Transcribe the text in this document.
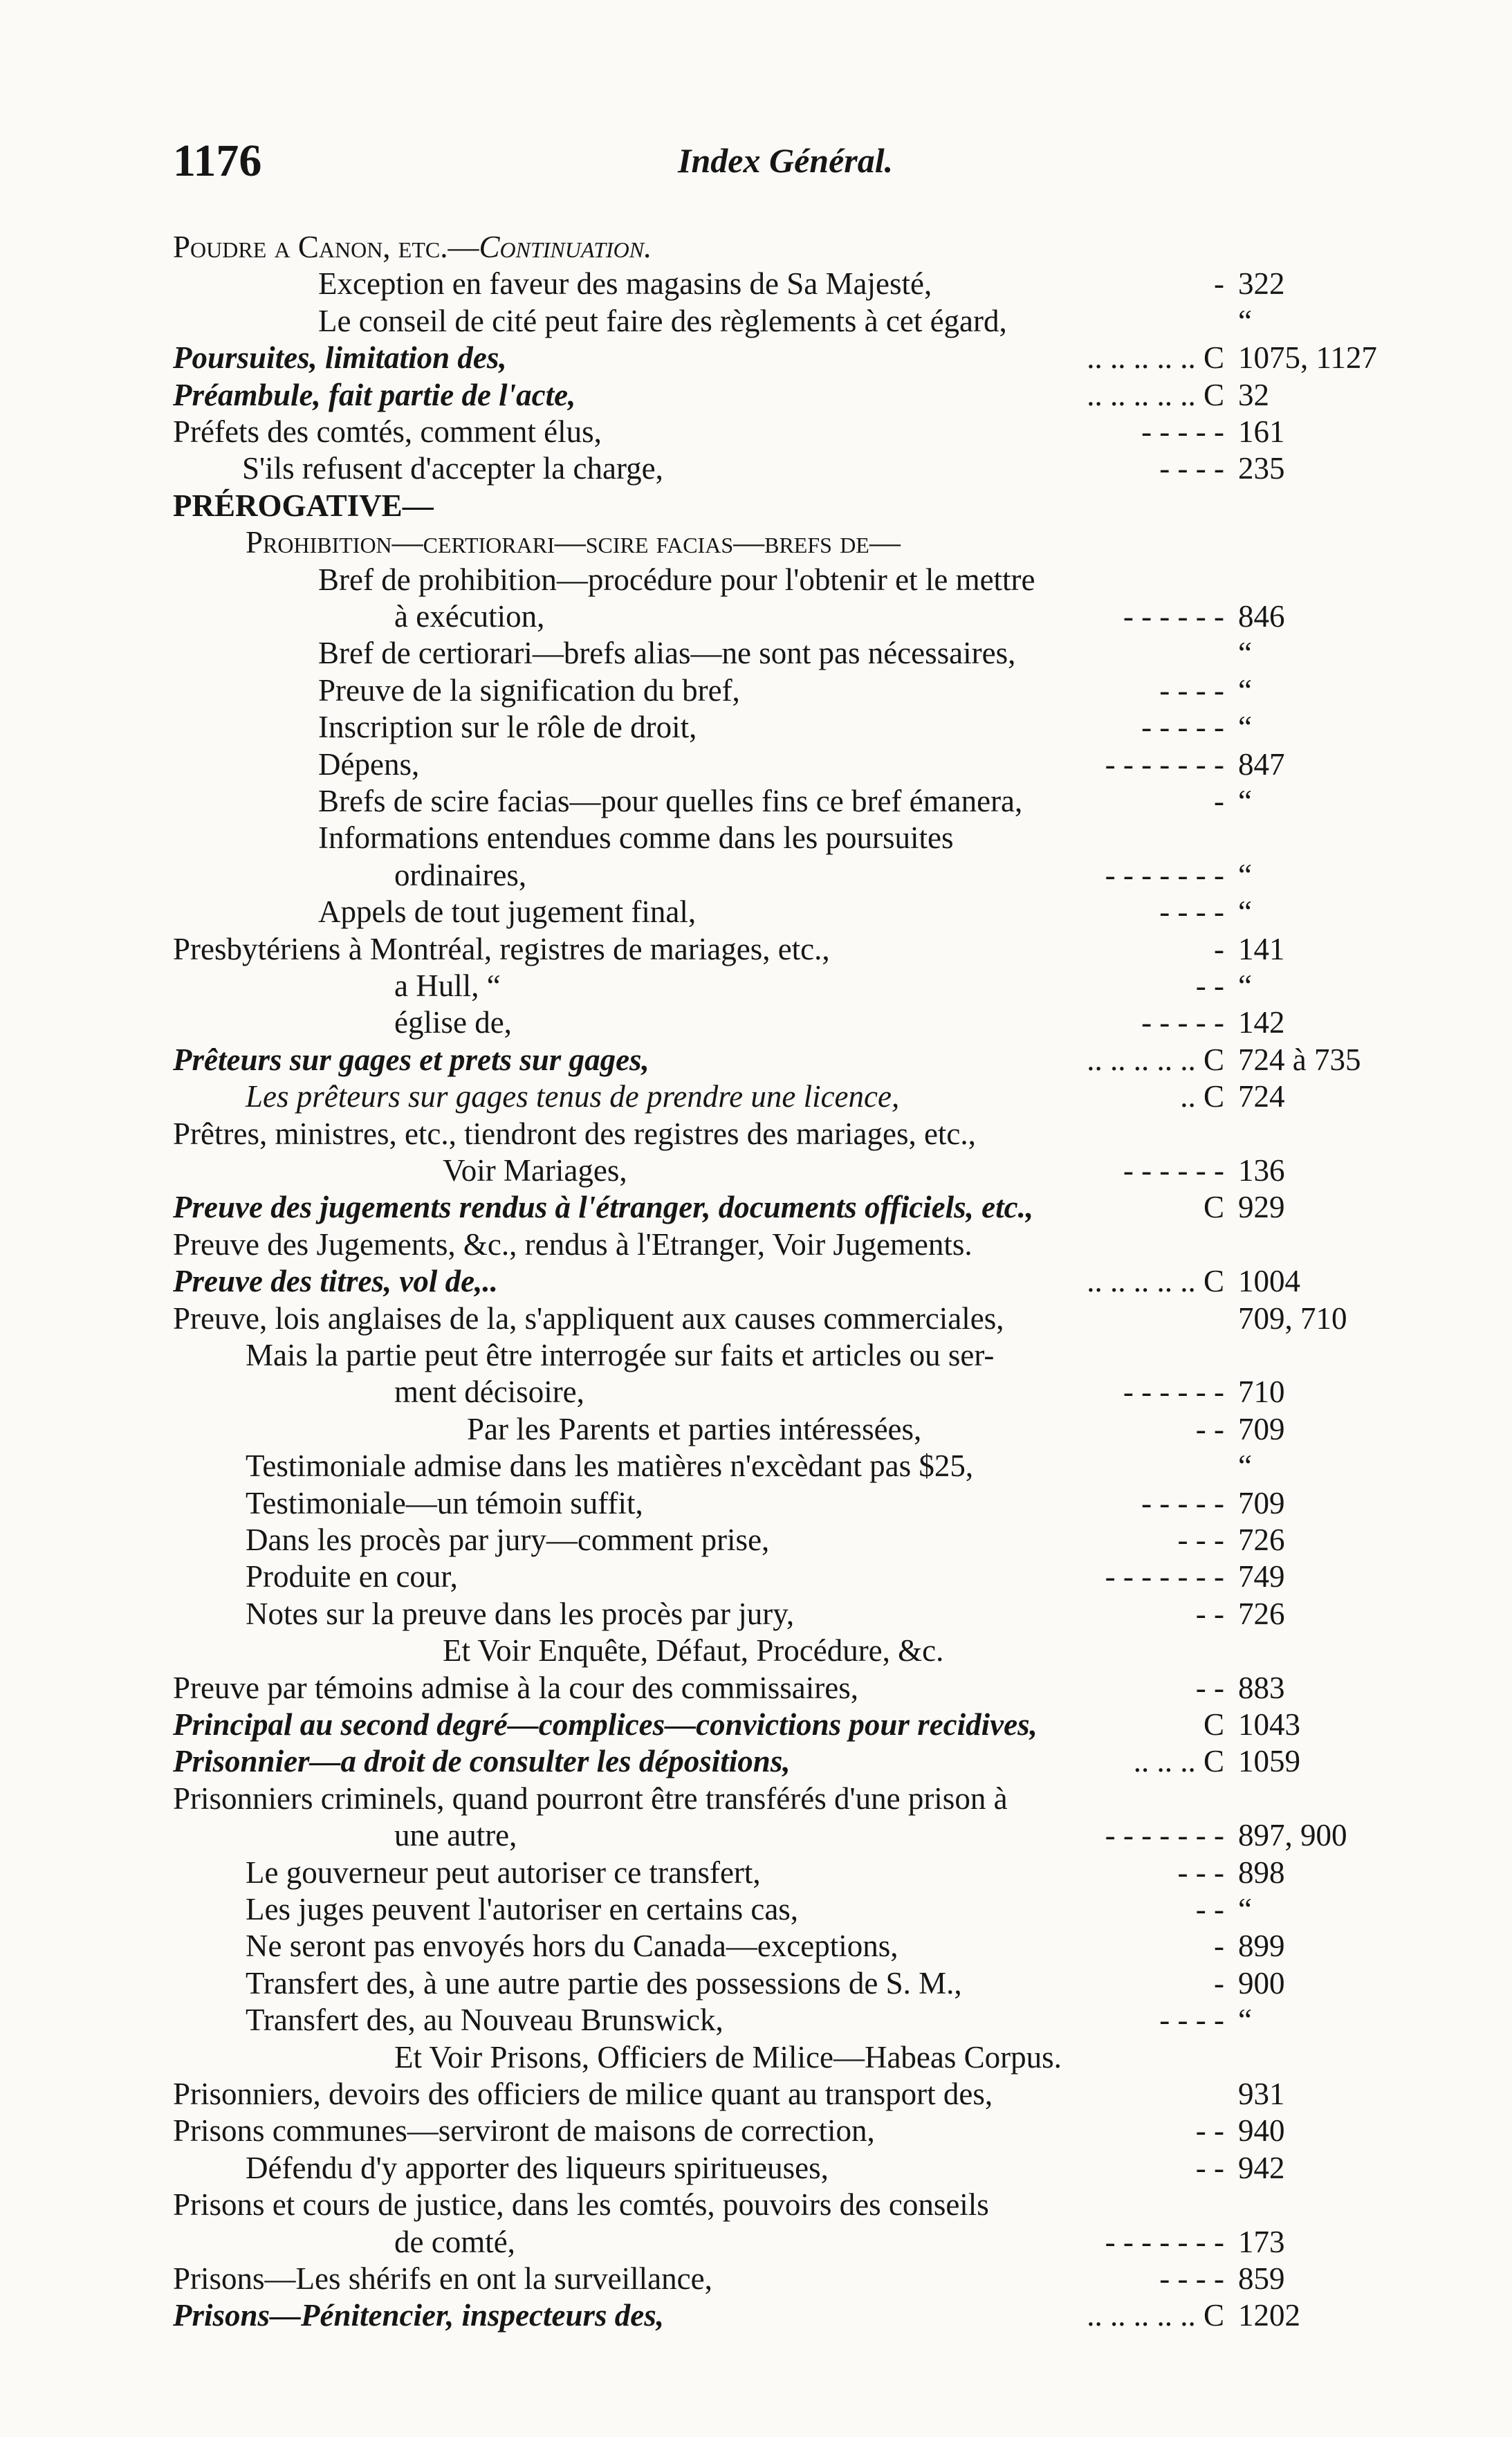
1176	Index Général.
Poudre a Canon, etc.—Continuation.
Exception en faveur des magasins de Sa Majesté,	- 322
Le conseil de cité peut faire des règlements à cet égard,	“
Poursuites, limitation des,	.. .. .. .. .. C 1075, 1127
Préambule, fait partie de l'acte,	.. .. .. .. .. C 32
Préfets des comtés, comment élus,	- - - - - 161
S'ils refusent d'accepter la charge,	- - - - 235
PRÉROGATIVE—
Prohibition—certiorari—scire facias—brefs de—
Bref de prohibition—procédure pour l'obtenir et le mettre
à exécution,	- - - - - - 846
Bref de certiorari—brefs alias—ne sont pas nécessaires,	“
Preuve de la signification du bref,	- - - - “
Inscription sur le rôle de droit,	- - - - - “
Dépens,	- - - - - - - 847
Brefs de scire facias—pour quelles fins ce bref émanera,	- “
Informations entendues comme dans les poursuites
ordinaires,	- - - - - - - “
Appels de tout jugement final,	- - - - “
Presbytériens à Montréal, registres de mariages, etc.,	- 141
a Hull, “	- - “
église de,	- - - - - 142
Prêteurs sur gages et prets sur gages,	.. .. .. .. .. C 724 à 735
Les prêteurs sur gages tenus de prendre une licence,	.. C 724
Prêtres, ministres, etc., tiendront des registres des mariages, etc.,
Voir Mariages,	- - - - - - 136
Preuve des jugements rendus à l'étranger, documents officiels, etc.,	C 929
Preuve des Jugements, &c., rendus à l'Etranger, Voir Jugements.
Preuve des titres, vol de,..	.. .. .. .. .. C 1004
Preuve, lois anglaises de la, s'appliquent aux causes commerciales,	709, 710
Mais la partie peut être interrogée sur faits et articles ou ser-
ment décisoire,	- - - - - - 710
Par les Parents et parties intéressées,	- - 709
Testimoniale admise dans les matières n'excèdant pas $25,	“
Testimoniale—un témoin suffit,	- - - - - 709
Dans les procès par jury—comment prise,	- - - 726
Produite en cour,	- - - - - - - 749
Notes sur la preuve dans les procès par jury,	- - 726
Et Voir Enquête, Défaut, Procédure, &c.
Preuve par témoins admise à la cour des commissaires,	- - 883
Principal au second degré—complices—convictions pour recidives,	C 1043
Prisonnier—a droit de consulter les dépositions,	.. .. .. C 1059
Prisonniers criminels, quand pourront être transférés d'une prison à
une autre,	- - - - - - - 897, 900
Le gouverneur peut autoriser ce transfert,	- - - 898
Les juges peuvent l'autoriser en certains cas,	- - “
Ne seront pas envoyés hors du Canada—exceptions,	- 899
Transfert des, à une autre partie des possessions de S. M.,	- 900
Transfert des, au Nouveau Brunswick,	- - - - “
Et Voir Prisons, Officiers de Milice—Habeas Corpus.
Prisonniers, devoirs des officiers de milice quant au transport des,	931
Prisons communes—serviront de maisons de correction,	- - 940
Défendu d'y apporter des liqueurs spiritueuses,	- - 942
Prisons et cours de justice, dans les comtés, pouvoirs des conseils
de comté,	- - - - - - - 173
Prisons—Les shérifs en ont la surveillance,	- - - - 859
Prisons—Pénitencier, inspecteurs des,	.. .. .. .. .. C 1202
